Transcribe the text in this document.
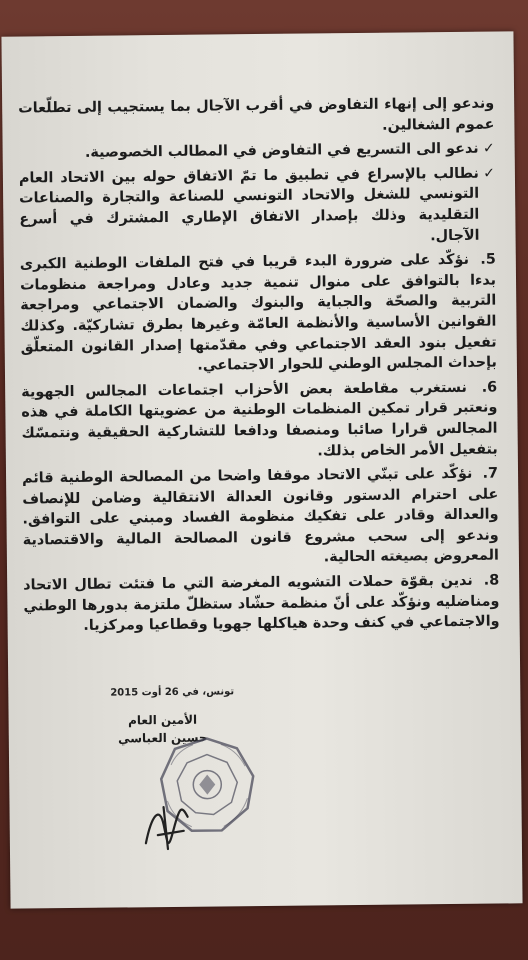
وندعو إلى إنهاء التفاوض في أقرب الآجال بما يستجيب إلى تطلّعات عموم الشغالين.

✓
ندعو الى التسريع في التفاوض في المطالب الخصوصية.
✓
نطالب بالإسراع في تطبيق ما تمّ الاتفاق حوله بين الاتحاد العام التونسي للشغل والاتحاد التونسي للصناعة والتجارة والصناعات التقليدية وذلك بإصدار الاتفاق الإطاري المشترك في أسرع الآجال.

5. نؤكّد على ضرورة البدء قريبا في فتح الملفات الوطنية الكبرى بدءا بالتوافق على منوال تنمية جديد وعادل ومراجعة منظومات التربية والصحّة والجباية والبنوك والضمان الاجتماعي ومراجعة القوانين الأساسية والأنظمة العامّة وغيرها بطرق تشاركيّة. وكذلك تفعيل بنود العقد الاجتماعي وفي مقدّمتها إصدار القانون المتعلّق بإحداث المجلس الوطني للحوار الاجتماعي.

6. نستغرب مقاطعة بعض الأحزاب اجتماعات المجالس الجهوية ونعتبر قرار تمكين المنظمات الوطنية من عضويتها الكاملة في هذه المجالس قرارا صائبا ومنصفا ودافعا للتشاركية الحقيقية ونتمسّك بتفعيل الأمر الخاص بذلك.

7. نؤكّد على تبنّي الاتحاد موقفا واضحا من المصالحة الوطنية قائم على احترام الدستور وقانون العدالة الانتقالية وضامن للإنصاف والعدالة وقادر على تفكيك منظومة الفساد ومبني على التوافق. وندعو إلى سحب مشروع قانون المصالحة المالية والاقتصادية المعروض بصيغته الحالية.

8. ندين بقوّة حملات التشويه المغرضة التي ما فتئت تطال الاتحاد ومناضليه ونؤكّد على أنّ منظمة حشّاد ستظلّ ملتزمة بدورها الوطني والاجتماعي في كنف وحدة هياكلها جهويا وقطاعيا ومركزيا.

تونس، في 26 أوت 2015
الأمين العام
حسين العباسي
